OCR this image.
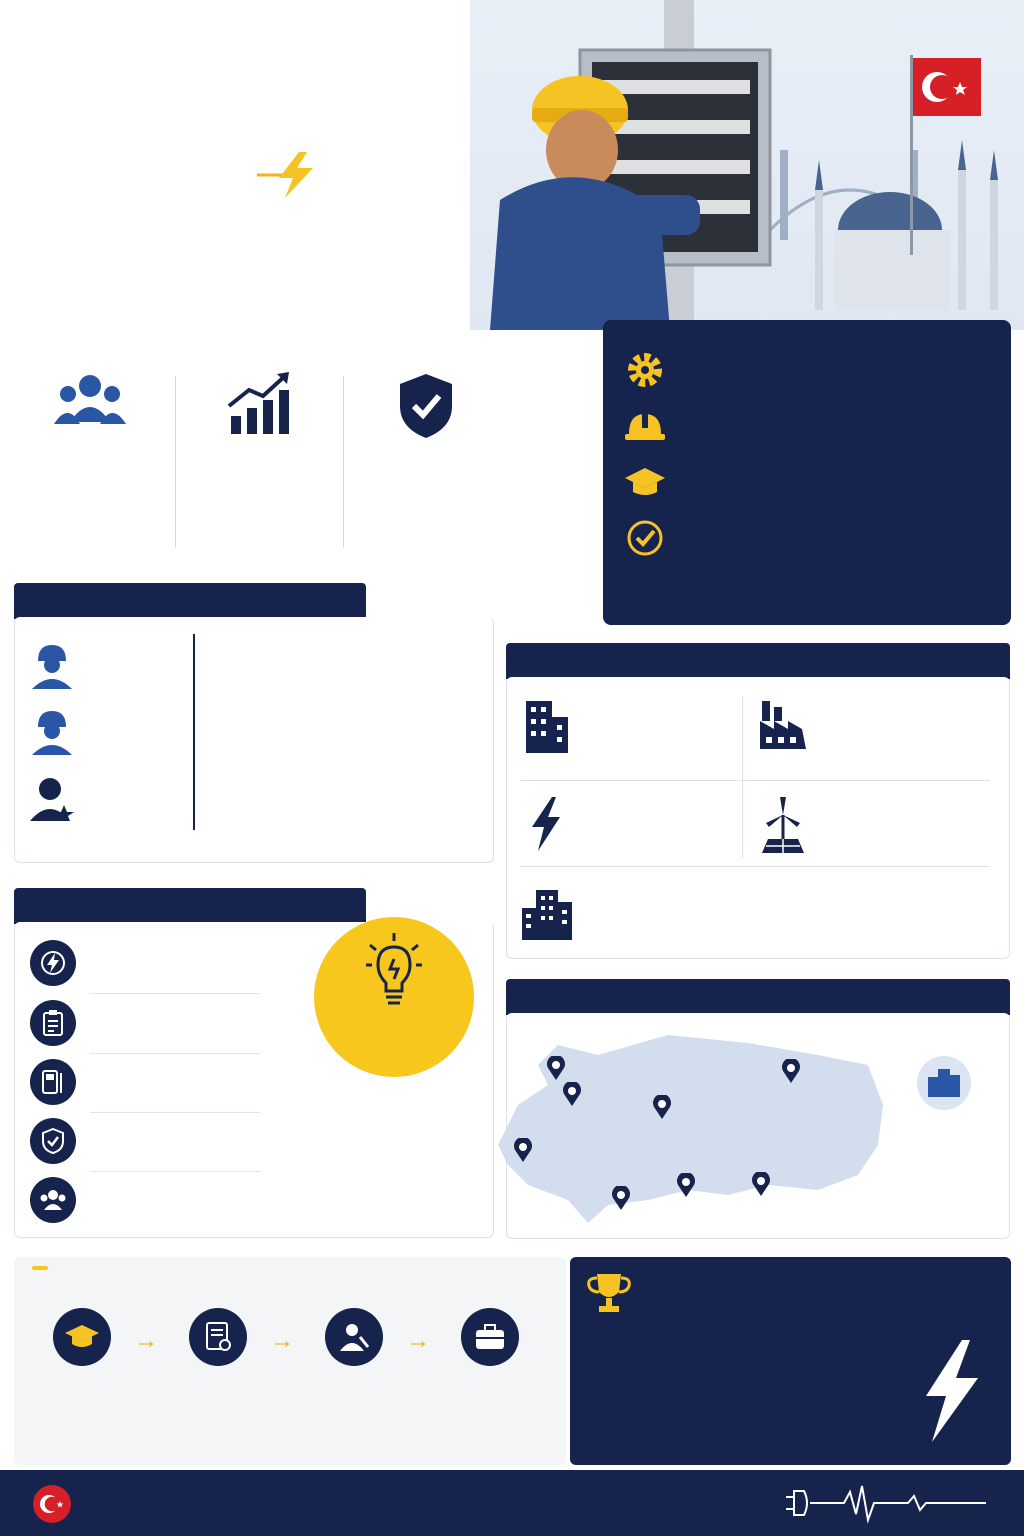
→	→	→
